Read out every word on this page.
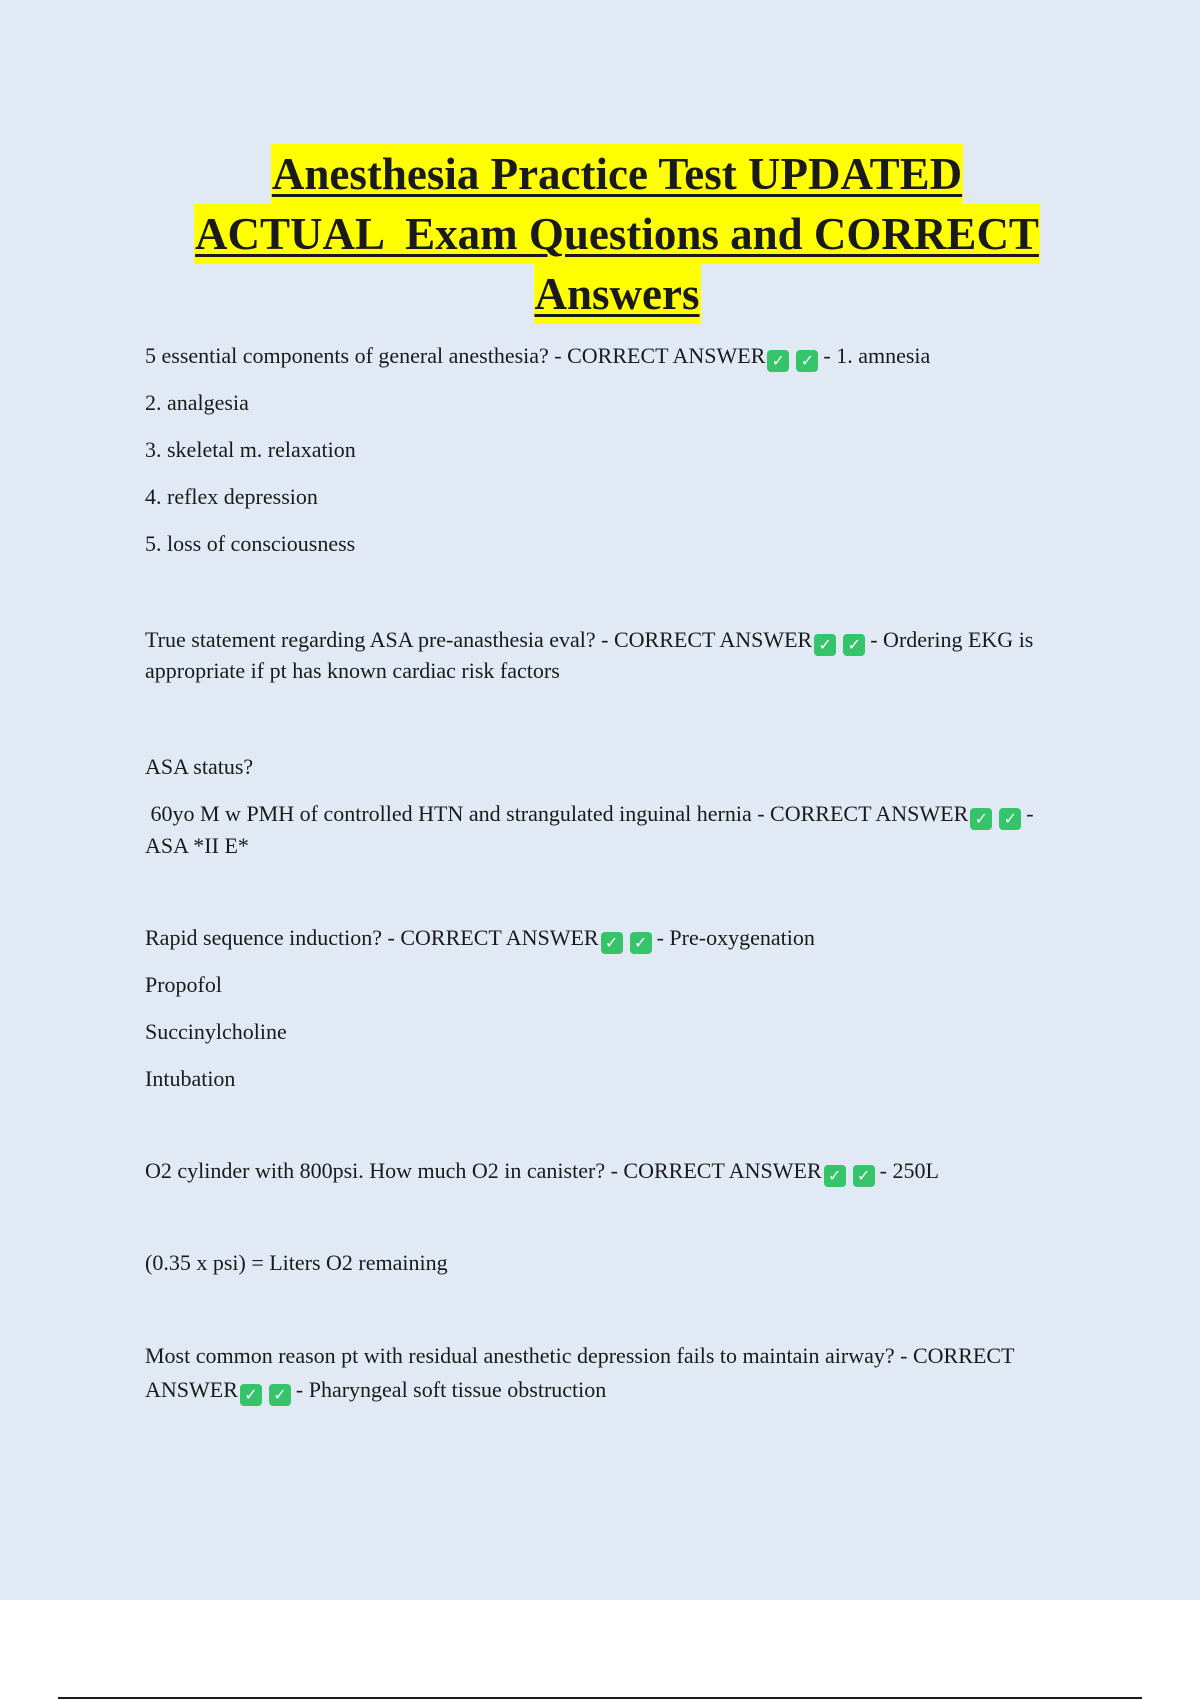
Anesthesia Practice Test UPDATED
ACTUAL  Exam Questions and CORRECT
Answers

5 essential components of general anesthesia? - CORRECT ANSWER ✓ ✓ - 1. amnesia

2. analgesia

3. skeletal m. relaxation

4. reflex depression

5. loss of consciousness

True statement regarding ASA pre-anasthesia eval? - CORRECT ANSWER ✓ ✓ - Ordering EKG is appropriate if pt has known cardiac risk factors

ASA status?

60yo M w PMH of controlled HTN and strangulated inguinal hernia - CORRECT ANSWER ✓ ✓ - ASA *II E*

Rapid sequence induction? - CORRECT ANSWER ✓ ✓ - Pre-oxygenation

Propofol

Succinylcholine

Intubation

O2 cylinder with 800psi. How much O2 in canister? - CORRECT ANSWER ✓ ✓ - 250L

(0.35 x psi) = Liters O2 remaining

Most common reason pt with residual anesthetic depression fails to maintain airway? - CORRECT ANSWER ✓ ✓ - Pharyngeal soft tissue obstruction
